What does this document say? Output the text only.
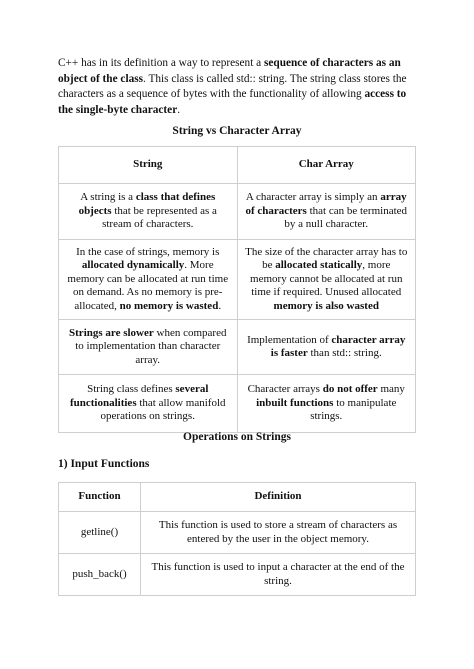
C++ has in its definition a way to represent a sequence of characters as an object of the class. This class is called std:: string. The string class stores the characters as a sequence of bytes with the functionality of allowing access to the single-byte character.

String vs Character Array
String	Char Array
A string is a class that defines objects that be represented as a stream of characters.	A character array is simply an array of characters that can be terminated by a null character.
In the case of strings, memory is allocated dynamically. More memory can be allocated at run time on demand. As no memory is pre-allocated, no memory is wasted.	The size of the character array has to be allocated statically, more memory cannot be allocated at run time if required. Unused allocated memory is also wasted
Strings are slower when compared to implementation than character array.	Implementation of character array is faster than std:: string.
String class defines several functionalities that allow manifold operations on strings.	Character arrays do not offer many inbuilt functions to manipulate strings.
Operations on Strings
1) Input Functions
Function	Definition
getline()	This function is used to store a stream of characters as entered by the user in the object memory.
push_back()	This function is used to input a character at the end of the string.
